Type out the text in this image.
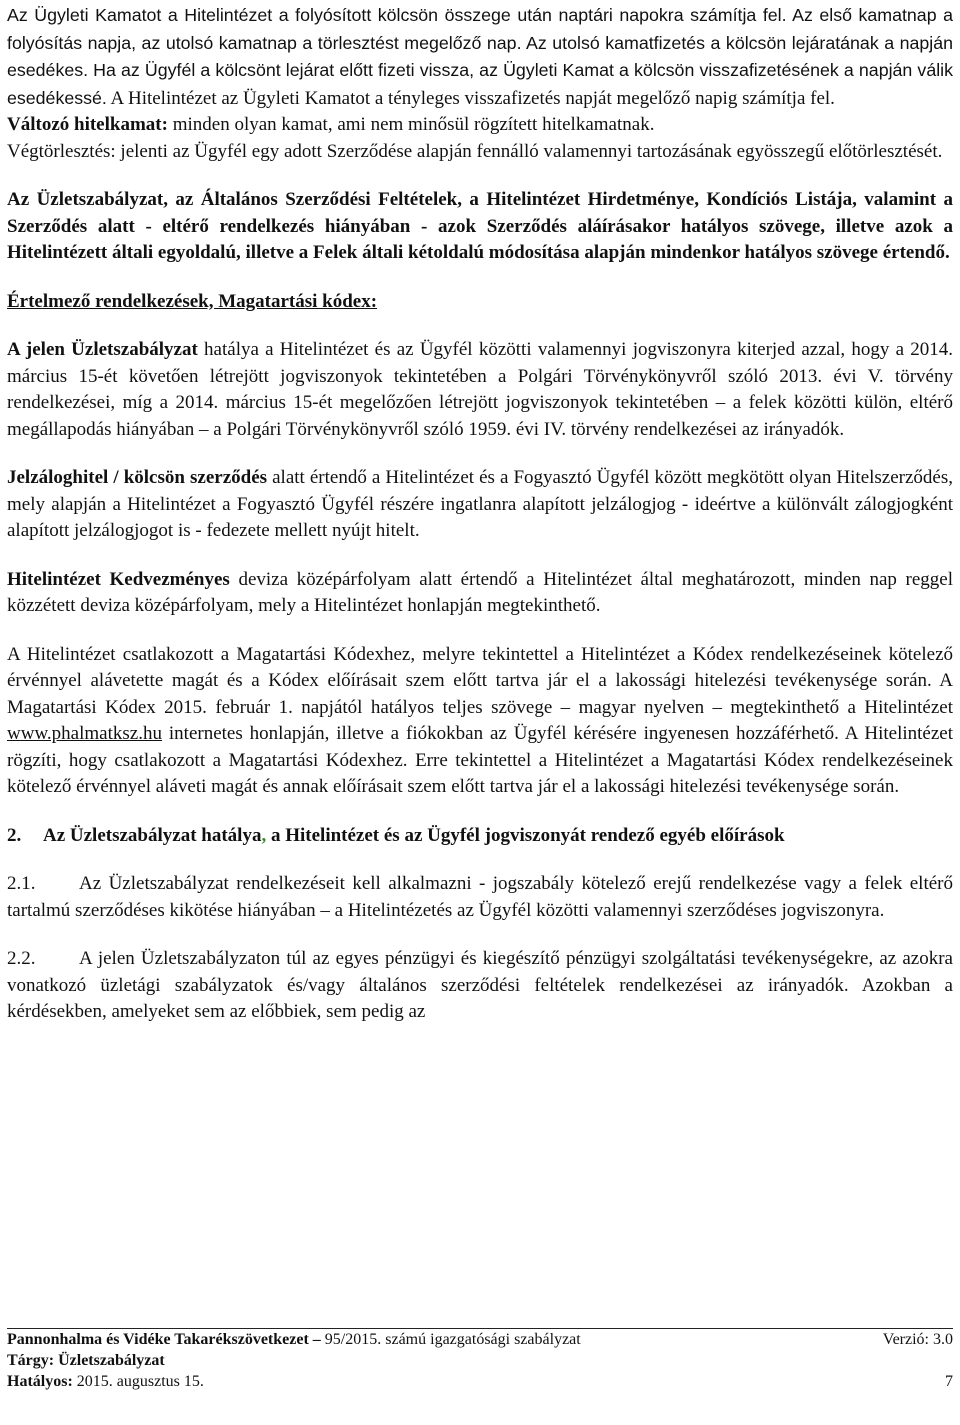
Az Ügyleti Kamatot a Hitelintézet a folyósított kölcsön összege után naptári napokra számítja fel. Az első kamatnap a folyósítás napja, az utolsó kamatnap a törlesztést megelőző nap. Az utolsó kamatfizetés a kölcsön lejáratának a napján esedékes. Ha az Ügyfél a kölcsönt lejárat előtt fizeti vissza, az Ügyleti Kamat a kölcsön visszafizetésének a napján válik esedékessé. A Hitelintézet az Ügyleti Kamatot a tényleges visszafizetés napját megelőző napig számítja fel.

Változó hitelkamat: minden olyan kamat, ami nem minősül rögzített hitelkamatnak.

Végtörlesztés: jelenti az Ügyfél egy adott Szerződése alapján fennálló valamennyi tartozásának egyösszegű előtörlesztését.

Az Üzletszabályzat, az Általános Szerződési Feltételek, a Hitelintézet Hirdetménye, Kondíciós Listája, valamint a Szerződés alatt - eltérő rendelkezés hiányában - azok Szerződés aláírásakor hatályos szövege, illetve azok a Hitelintézett általi egyoldalú, illetve a Felek általi kétoldalú módosítása alapján mindenkor hatályos szövege értendő.

Értelmező rendelkezések, Magatartási kódex:

A jelen Üzletszabályzat hatálya a Hitelintézet és az Ügyfél közötti valamennyi jogviszonyra kiterjed azzal, hogy a 2014. március 15-ét követően létrejött jogviszonyok tekintetében a Polgári Törvénykönyvről szóló 2013. évi V. törvény rendelkezései, míg a 2014. március 15-ét megelőzően létrejött jogviszonyok tekintetében – a felek közötti külön, eltérő megállapodás hiányában – a Polgári Törvénykönyvről szóló 1959. évi IV. törvény rendelkezései az irányadók.

Jelzáloghitel / kölcsön szerződés alatt értendő a Hitelintézet és a Fogyasztó Ügyfél között megkötött olyan Hitelszerződés, mely alapján a Hitelintézet a Fogyasztó Ügyfél részére ingatlanra alapított jelzálogjog - ideértve a különvált zálogjogként alapított jelzálogjogot is - fedezete mellett nyújt hitelt.

Hitelintézet Kedvezményes deviza középárfolyam alatt értendő a Hitelintézet által meghatározott, minden nap reggel közzétett deviza középárfolyam, mely a Hitelintézet honlapján megtekinthető.

A Hitelintézet csatlakozott a Magatartási Kódexhez, melyre tekintettel a Hitelintézet a Kódex rendelkezéseinek kötelező érvénnyel alávetette magát és a Kódex előírásait szem előtt tartva jár el a lakossági hitelezési tevékenysége során. A Magatartási Kódex 2015. február 1. napjától hatályos teljes szövege – magyar nyelven – megtekinthető a Hitelintézet www.phalmatksz.hu internetes honlapján, illetve a fiókokban az Ügyfél kérésére ingyenesen hozzáférhető. A Hitelintézet rögzíti, hogy csatlakozott a Magatartási Kódexhez. Erre tekintettel a Hitelintézet a Magatartási Kódex rendelkezéseinek kötelező érvénnyel aláveti magát és annak előírásait szem előtt tartva jár el a lakossági hitelezési tevékenysége során.

2.	Az Üzletszabályzat hatálya, a Hitelintézet és az Ügyfél jogviszonyát rendező egyéb előírások

2.1. Az Üzletszabályzat rendelkezéseit kell alkalmazni - jogszabály kötelező erejű rendelkezése vagy a felek eltérő tartalmú szerződéses kikötése hiányában – a Hitelintézetés az Ügyfél közötti valamennyi szerződéses jogviszonyra.

2.2. A jelen Üzletszabályzaton túl az egyes pénzügyi és kiegészítő pénzügyi szolgáltatási tevékenységekre, az azokra vonatkozó üzletági szabályzatok és/vagy általános szerződési feltételek rendelkezései az irányadók. Azokban a kérdésekben, amelyeket sem az előbbiek, sem pedig az

Pannonhalma és Vidéke Takarékszövetkezet – 95/2015. számú igazgatósági szabályzat	Verzió: 3.0
Tárgy: Üzletszabályzat
Hatályos: 2015. augusztus 15.	7
